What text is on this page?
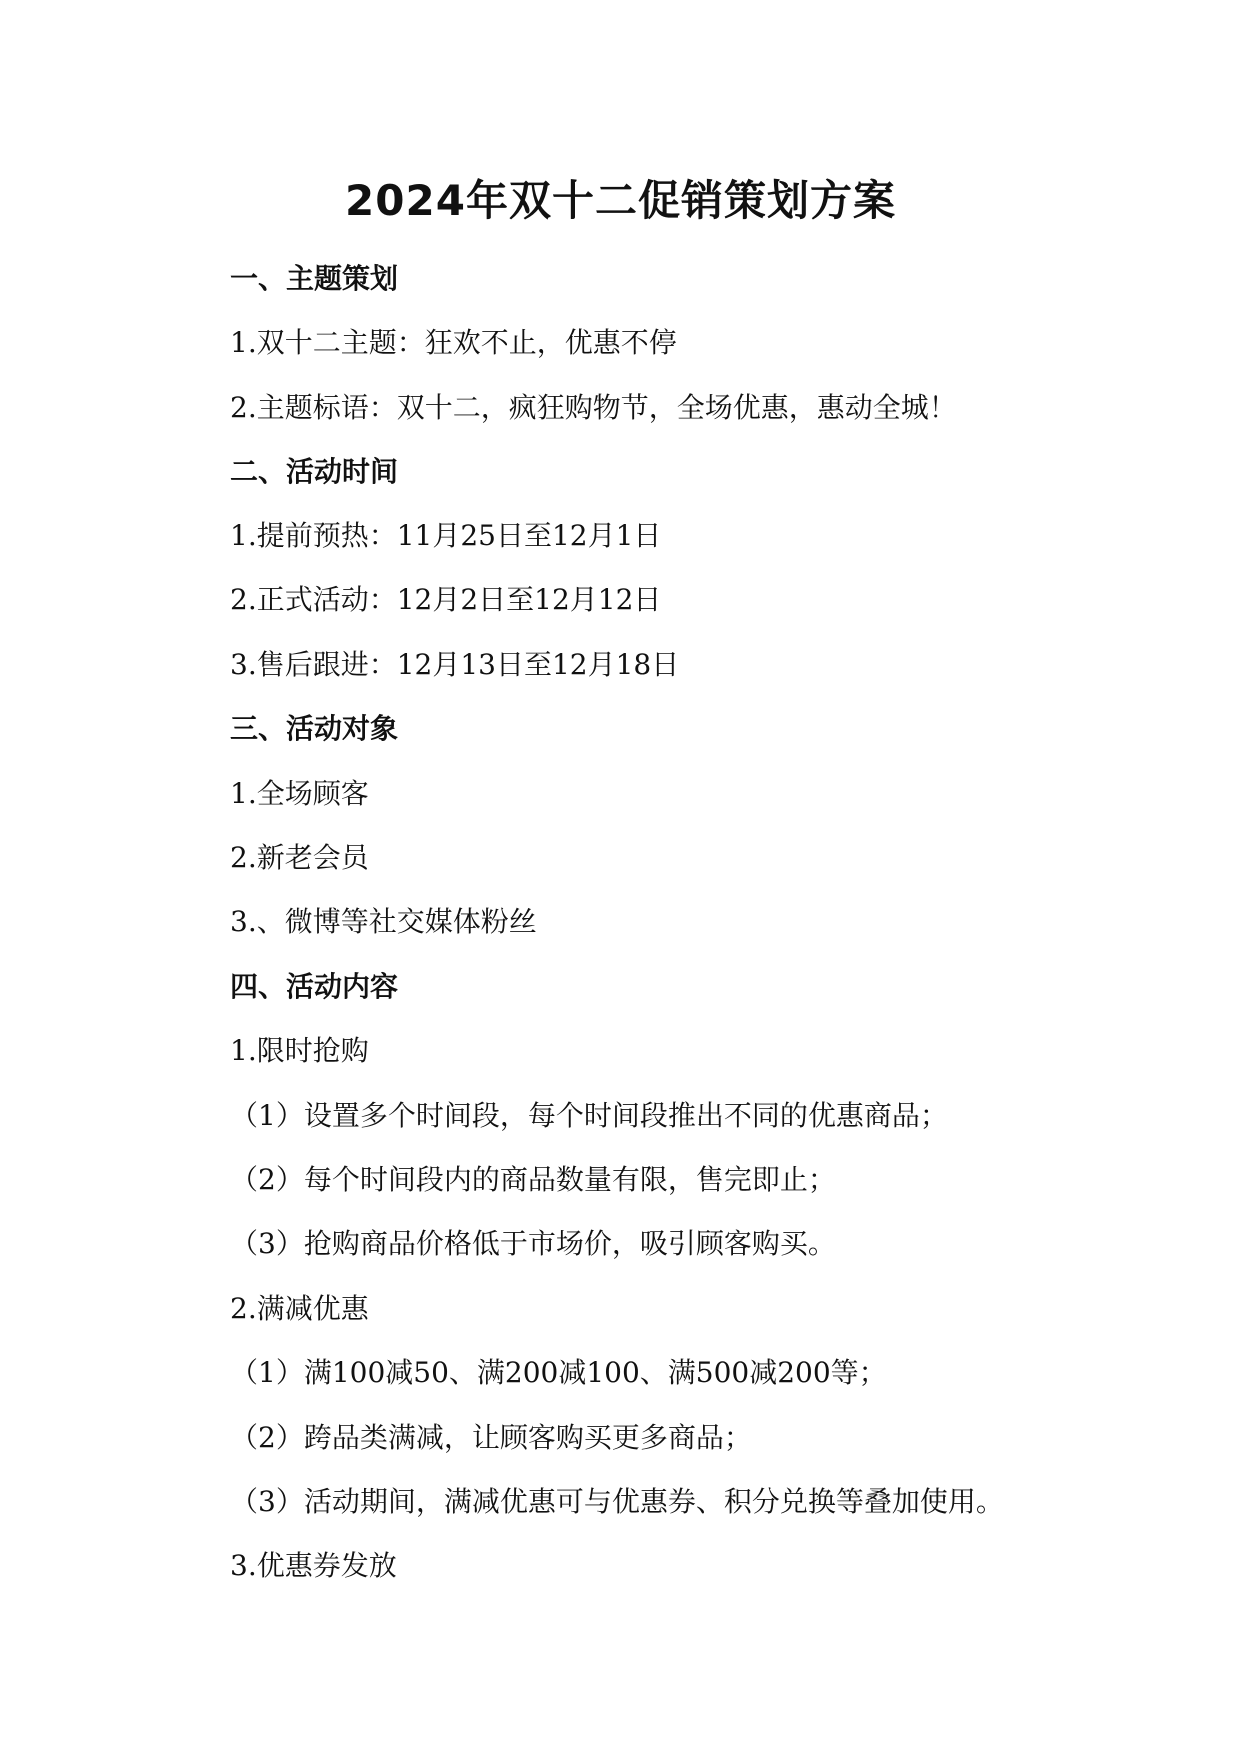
2024年双十二促销策划方案
一、主题策划
1.双十二主题：狂欢不止，优惠不停
2.主题标语：双十二，疯狂购物节，全场优惠，惠动全城！
二、活动时间
1.提前预热：11月25日至12月1日
2.正式活动：12月2日至12月12日
3.售后跟进：12月13日至12月18日
三、活动对象
1.全场顾客
2.新老会员
3.、微博等社交媒体粉丝
四、活动内容
1.限时抢购
（1）设置多个时间段，每个时间段推出不同的优惠商品；
（2）每个时间段内的商品数量有限，售完即止；
（3）抢购商品价格低于市场价，吸引顾客购买。
2.满减优惠
（1）满100减50、满200减100、满500减200等；
（2）跨品类满减，让顾客购买更多商品；
（3）活动期间，满减优惠可与优惠券、积分兑换等叠加使用。
3.优惠券发放
